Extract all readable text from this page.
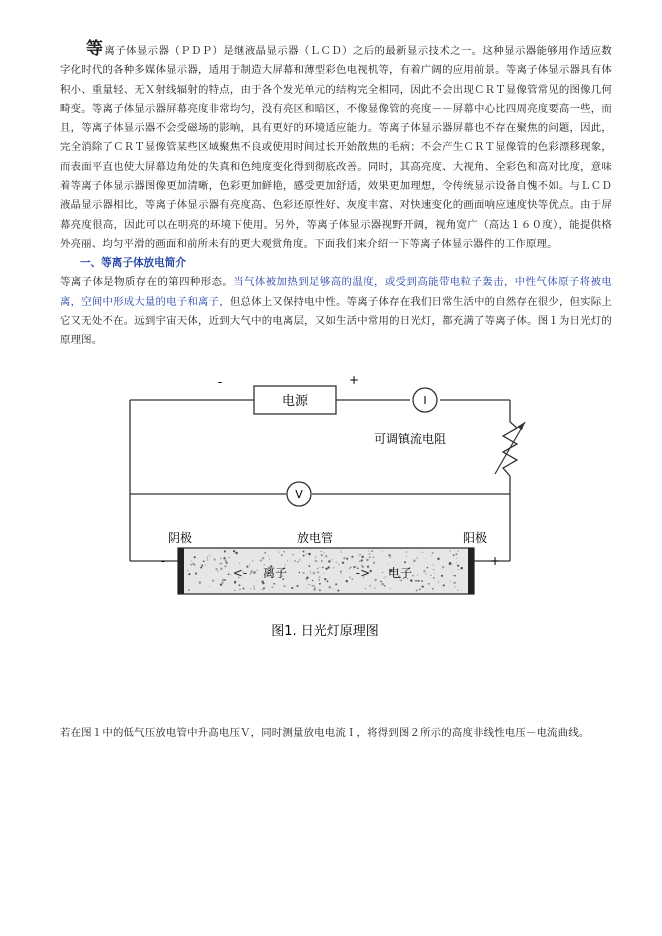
等离子体显示器（ＰＤＰ）是继液晶显示器（ＬＣＤ）之后的最新显示技术之一。这种显示器能够用作适应数字化时代的各种多媒体显示器，适用于制造大屏幕和薄型彩色电视机等，有着广阔的应用前景。等离子体显示器具有体积小、重量轻、无Ｘ射线辐射的特点，由于各个发光单元的结构完全相同，因此不会出现ＣＲＴ显像管常见的图像几何畸变。等离子体显示器屏幕亮度非常均匀，没有亮区和暗区，不像显像管的亮度－－屏幕中心比四周亮度要高一些，而且，等离子体显示器不会受磁场的影响，具有更好的环境适应能力。等离子体显示器屏幕也不存在聚焦的问题，因此，完全消除了ＣＲＴ显像管某些区域聚焦不良或使用时间过长开始散焦的毛病；不会产生ＣＲＴ显像管的色彩漂移现象，而表面平直也使大屏幕边角处的失真和色纯度变化得到彻底改善。同时，其高亮度、大视角、全彩色和高对比度，意味着等离子体显示器图像更加清晰，色彩更加鲜艳，感受更加舒适，效果更加理想，令传统显示设备自愧不如。与ＬＣＤ液晶显示器相比，等离子体显示器有亮度高、色彩还原性好、灰度丰富、对快速变化的画面响应速度快等优点。由于屏幕亮度很高，因此可以在明亮的环境下使用。另外，等离子体显示器视野开阔，视角宽广（高达１６０度），能提供格外亮丽、均匀平滑的画面和前所未有的更大观赏角度。下面我们来介绍一下等离子体显示器件的工作原理。

一、等离子体放电简介

等离子体是物质存在的第四种形态。当气体被加热到足够高的温度，或受到高能带电粒子轰击，中性气体原子将被电离，空间中形成大量的电子和离子，但总体上又保持电中性。等离子体存在我们日常生活中的自然存在很少，但实际上它又无处不在。远到宇宙天体，近到大气中的电离层，又如生活中常用的日光灯，都充满了等离子体。图１为日光灯的原理图。

电源
-	+
I
可调镇流电阻
V
阴极	放电管	阳极
-	+
<- 离子	-> 电子
图1. 日光灯原理图

若在图１中的低气压放电管中升高电压Ｖ，同时测量放电电流Ｉ，将得到图２所示的高度非线性电压－电流曲线。
